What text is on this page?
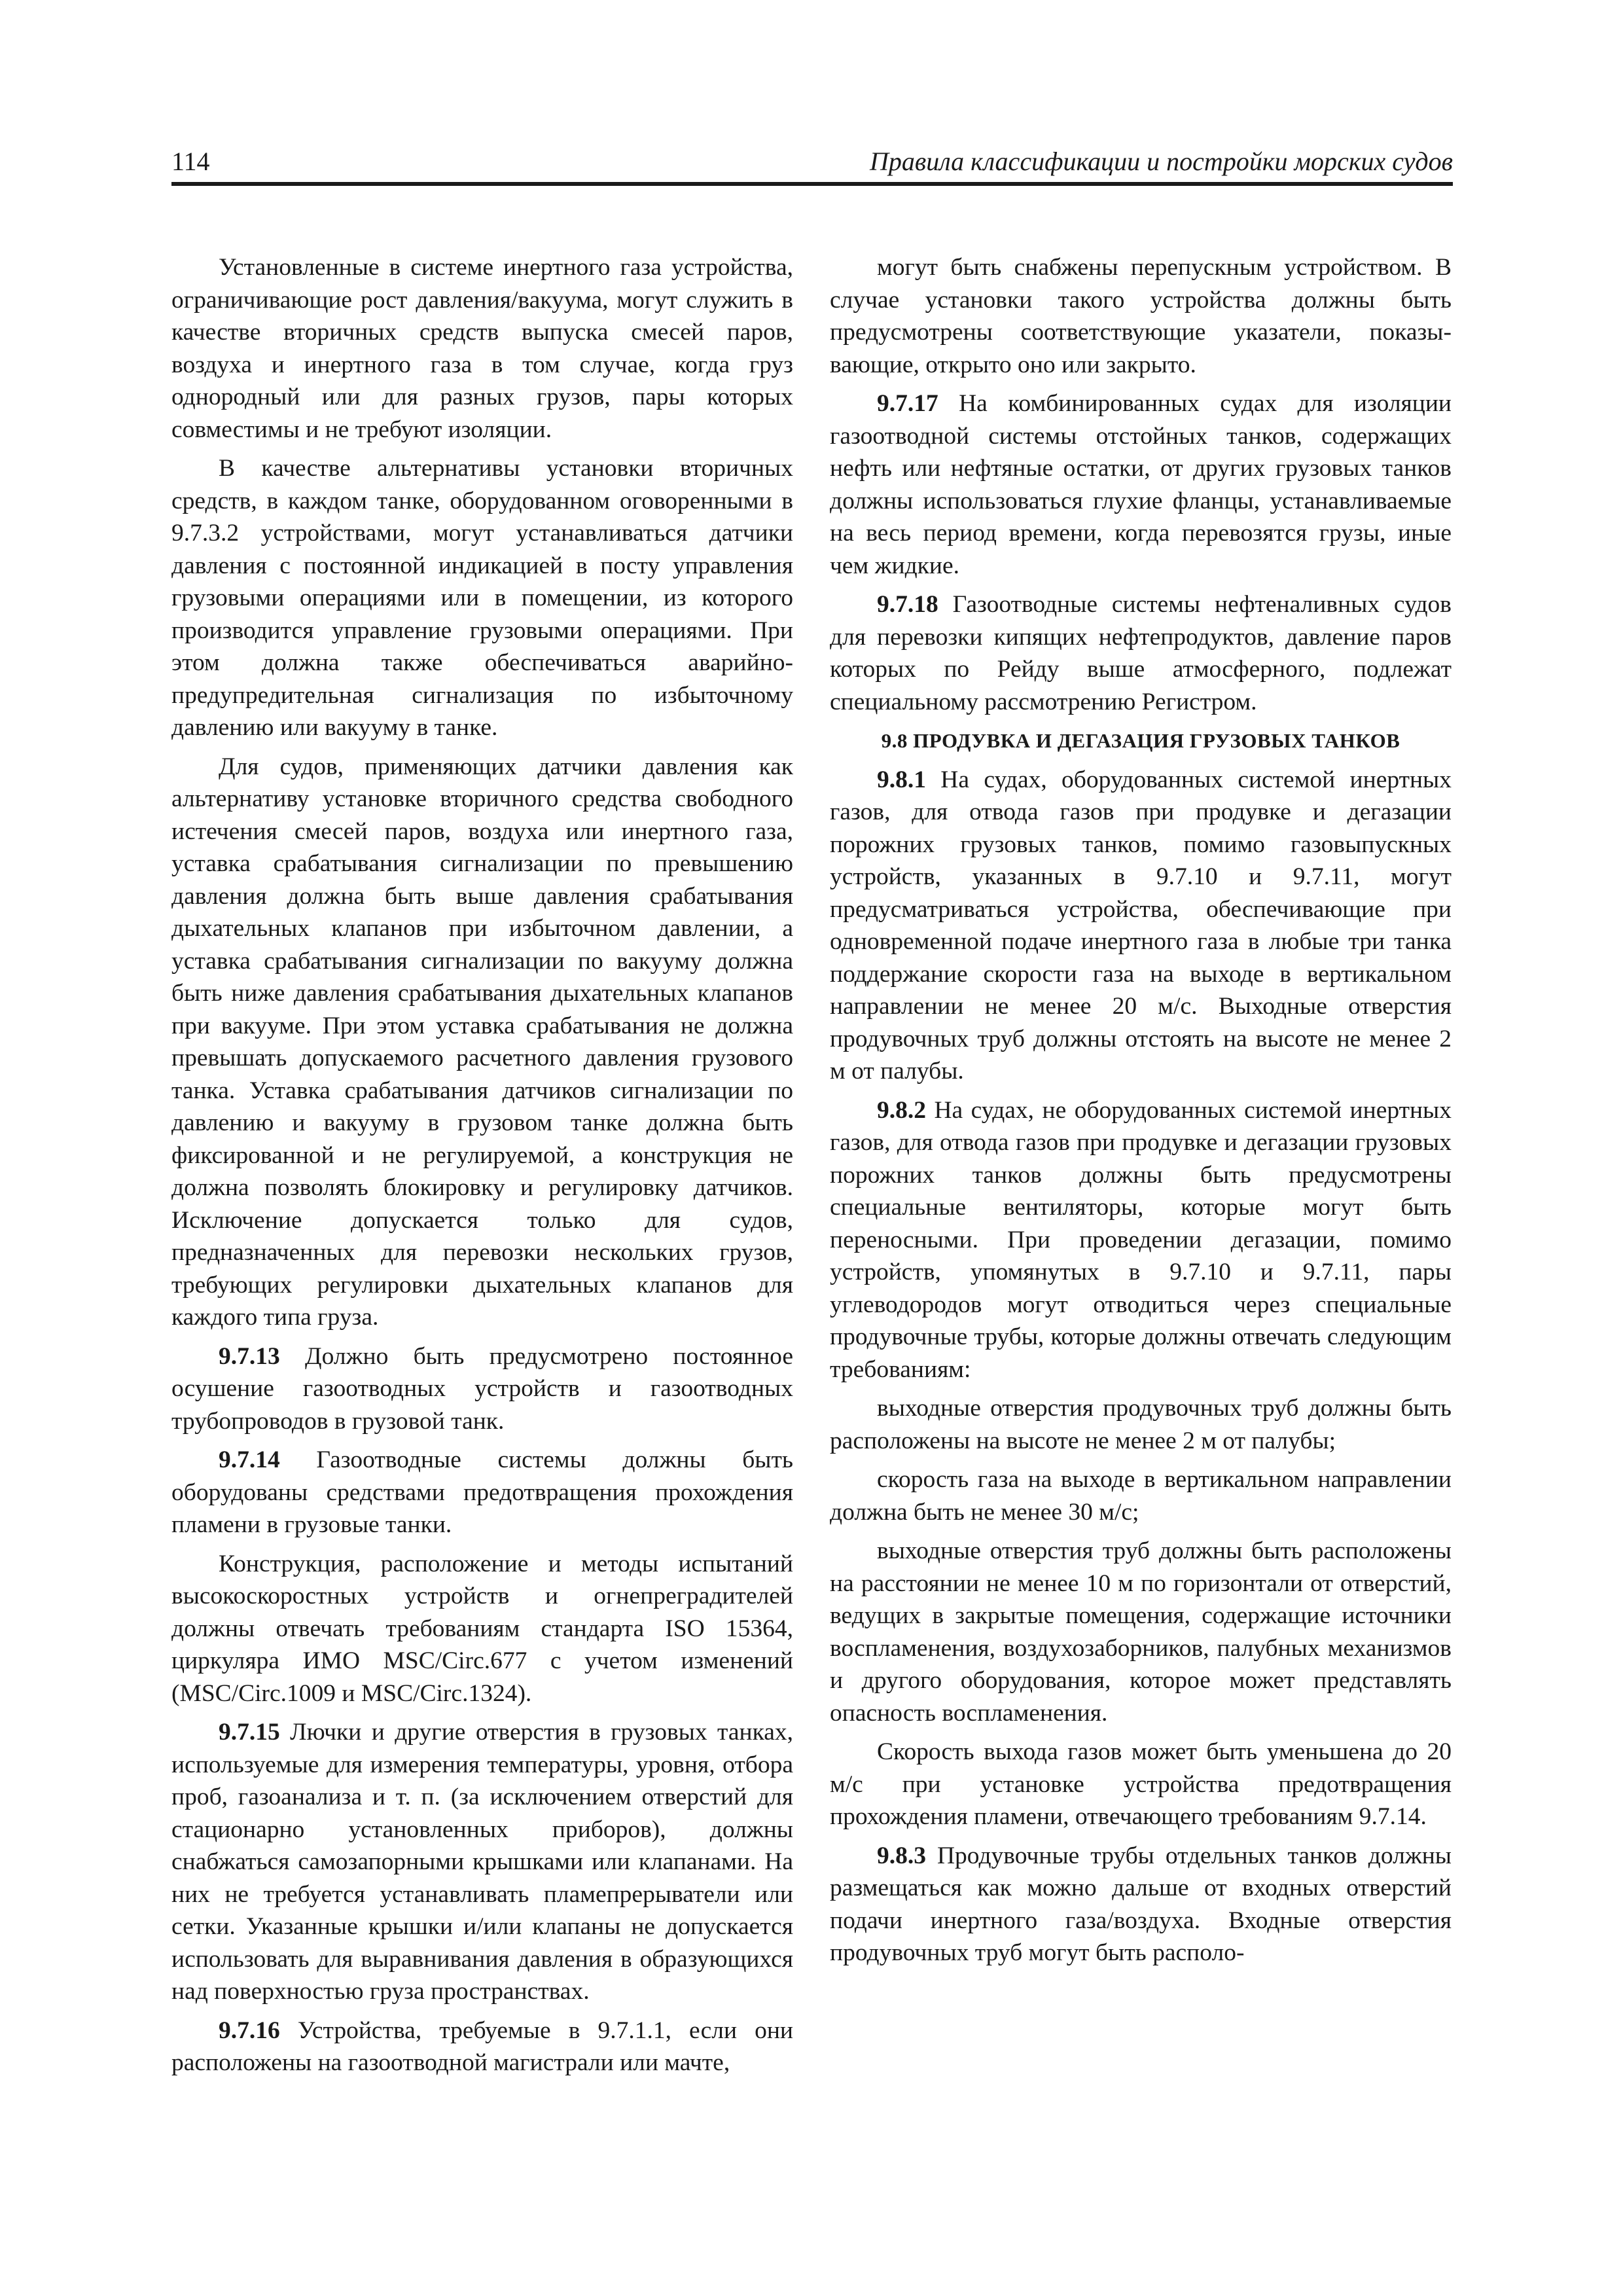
114	Правила классификации и постройки морских судов

Установленные в системе инертного газа устройства, ограничивающие рост давления/вакуума, могут служить в качестве вторичных средств выпуска смесей паров, воздуха и инертного газа в том случае, когда груз однородный или для разных грузов, пары которых совместимы и не требуют изоляции.

В качестве альтернативы установки вторичных средств, в каждом танке, оборудованном оговоренными в 9.7.3.2 устройствами, могут устанавливаться датчики давления с постоянной индикацией в посту управления грузовыми операциями или в помещении, из которого производится управление грузовыми операциями. При этом должна также обеспечиваться аварийно-предупредительная сигнализация по избыточному давлению или вакууму в танке.

Для судов, применяющих датчики давления как альтернативу установке вторичного средства свободного истечения смесей паров, воздуха или инертного газа, уставка срабатывания сигнализации по превышению давления должна быть выше давления срабатывания дыхательных клапанов при избыточном давлении, а уставка срабатывания сигнализации по вакууму должна быть ниже давления срабатывания дыхательных клапанов при вакууме. При этом уставка срабатывания не должна превышать допускаемого расчетного давления грузового танка. Уставка срабатывания датчиков сигнализации по давлению и вакууму в грузовом танке должна быть фиксированной и не регулируемой, а конструкция не должна позволять блокировку и регулировку датчиков. Исключение допускается только для судов, предназначенных для перевозки нескольких грузов, требующих регулировки дыхательных клапанов для каждого типа груза.

9.7.13 Должно быть предусмотрено постоянное осушение газоотводных устройств и газоотводных трубопроводов в грузовой танк.

9.7.14 Газоотводные системы должны быть оборудованы средствами предотвращения прохождения пламени в грузовые танки.

Конструкция, расположение и методы испытаний высокоскоростных устройств и огнепреградителей должны отвечать требованиям стандарта ISO 15364, циркуляра ИМО MSC/Circ.677 с учетом изменений (MSC/Circ.1009 и MSC/Circ.1324).

9.7.15 Лючки и другие отверстия в грузовых танках, используемые для измерения температуры, уровня, отбора проб, газоанализа и т. п. (за исключением отверстий для стационарно установленных приборов), должны снабжаться самозапорными крышками или клапанами. На них не требуется устанавливать пламепрерыватели или сетки. Указанные крышки и/или клапаны не допускается использовать для выравнивания давления в образующихся над поверхностью груза пространствах.

9.7.16 Устройства, требуемые в 9.7.1.1, если они расположены на газоотводной магистрали или мачте,

могут быть снабжены перепускным устройством. В случае установки такого устройства должны быть предусмотрены соответствующие указатели, показывающие, открыто оно или закрыто.

9.7.17 На комбинированных судах для изоляции газоотводной системы отстойных танков, содержащих нефть или нефтяные остатки, от других грузовых танков должны использоваться глухие фланцы, устанавливаемые на весь период времени, когда перевозятся грузы, иные чем жидкие.

9.7.18 Газоотводные системы нефтеналивных судов для перевозки кипящих нефтепродуктов, давление паров которых по Рейду выше атмосферного, подлежат специальному рассмотрению Регистром.

9.8 ПРОДУВКА И ДЕГАЗАЦИЯ ГРУЗОВЫХ ТАНКОВ

9.8.1 На судах, оборудованных системой инертных газов, для отвода газов при продувке и дегазации порожних грузовых танков, помимо газовыпускных устройств, указанных в 9.7.10 и 9.7.11, могут предусматриваться устройства, обеспечивающие при одновременной подаче инертного газа в любые три танка поддержание скорости газа на выходе в вертикальном направлении не менее 20 м/с. Выходные отверстия продувочных труб должны отстоять на высоте не менее 2 м от палубы.

9.8.2 На судах, не оборудованных системой инертных газов, для отвода газов при продувке и дегазации грузовых порожних танков должны быть предусмотрены специальные вентиляторы, которые могут быть переносными. При проведении дегазации, помимо устройств, упомянутых в 9.7.10 и 9.7.11, пары углеводородов могут отводиться через специальные продувочные трубы, которые должны отвечать следующим требованиям:

выходные отверстия продувочных труб должны быть расположены на высоте не менее 2 м от палубы;

скорость газа на выходе в вертикальном направлении должна быть не менее 30 м/с;

выходные отверстия труб должны быть расположены на расстоянии не менее 10 м по горизонтали от отверстий, ведущих в закрытые помещения, содержащие источники воспламенения, воздухозаборников, палубных механизмов и другого оборудования, которое может представлять опасность воспламенения.

Скорость выхода газов может быть уменьшена до 20 м/с при установке устройства предотвращения прохождения пламени, отвечающего требованиям 9.7.14.

9.8.3 Продувочные трубы отдельных танков должны размещаться как можно дальше от входных отверстий подачи инертного газа/воздуха. Входные отверстия продувочных труб могут быть располо-
